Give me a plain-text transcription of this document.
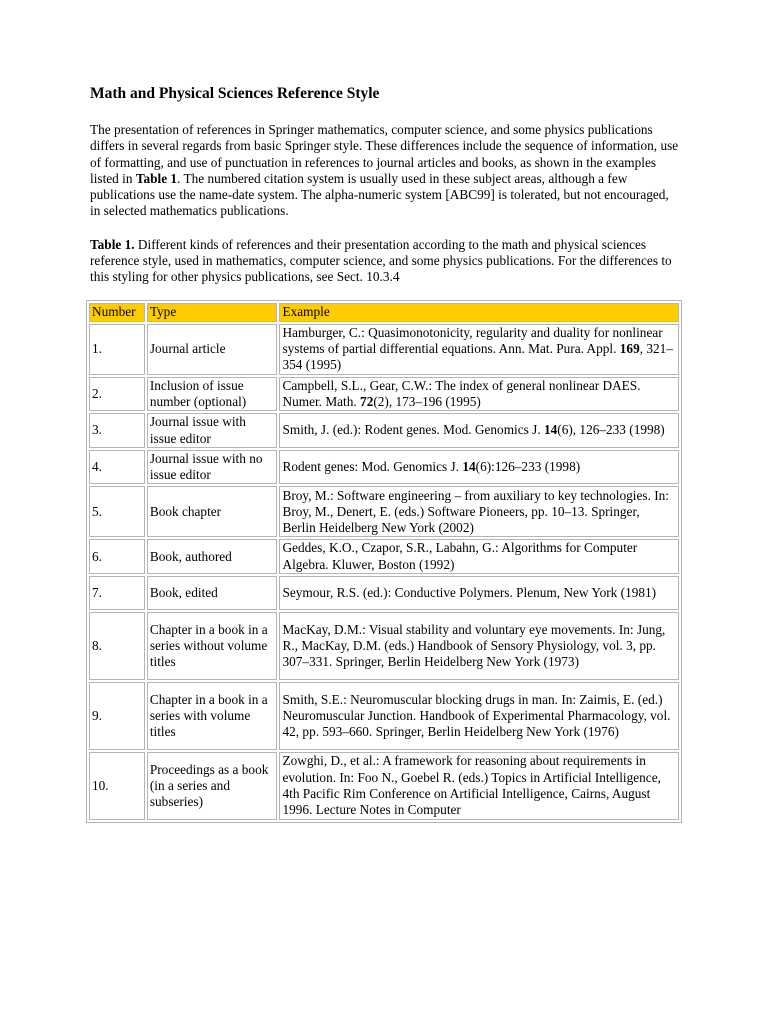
Math and Physical Sciences Reference Style

The presentation of references in Springer mathematics, computer science, and some physics publications differs in several regards from basic Springer style. These differences include the sequence of information, use of formatting, and use of punctuation in references to journal articles and books, as shown in the examples listed in Table 1. The numbered citation system is usually used in these subject areas, although a few publications use the name-date system. The alpha-numeric system [ABC99] is tolerated, but not encouraged, in selected mathematics publications.

Table 1. Different kinds of references and their presentation according to the math and physical sciences reference style, used in mathematics, computer science, and some physics publications. For the differences to this styling for other physics publications, see Sect. 10.3.4

Number	Type	Example
1.	Journal article	Hamburger, C.: Quasimonotonicity, regularity and duality for nonlinear systems of partial differential equations. Ann. Mat. Pura. Appl. 169, 321–354 (1995)
2.	Inclusion of issue number (optional)	Campbell, S.L., Gear, C.W.: The index of general nonlinear DAES. Numer. Math. 72(2), 173–196 (1995)
3.	Journal issue with issue editor	Smith, J. (ed.): Rodent genes. Mod. Genomics J. 14(6), 126–233 (1998)
4.	Journal issue with no issue editor	Rodent genes: Mod. Genomics J. 14(6):126–233 (1998)
5.	Book chapter	Broy, M.: Software engineering – from auxiliary to key technologies. In: Broy, M., Denert, E. (eds.) Software Pioneers, pp. 10–13. Springer, Berlin Heidelberg New York (2002)
6.	Book, authored	Geddes, K.O., Czapor, S.R., Labahn, G.: Algorithms for Computer Algebra. Kluwer, Boston (1992)
7.	Book, edited	Seymour, R.S. (ed.): Conductive Polymers. Plenum, New York (1981)
8.	Chapter in a book in a series without volume titles	MacKay, D.M.: Visual stability and voluntary eye movements. In: Jung, R., MacKay, D.M. (eds.) Handbook of Sensory Physiology, vol. 3, pp. 307–331. Springer, Berlin Heidelberg New York (1973)
9.	Chapter in a book in a series with volume titles	Smith, S.E.: Neuromuscular blocking drugs in man. In: Zaimis, E. (ed.) Neuromuscular Junction. Handbook of Experimental Pharmacology, vol. 42, pp. 593–660. Springer, Berlin Heidelberg New York (1976)
10.	Proceedings as a book (in a series and subseries)	Zowghi, D., et al.: A framework for reasoning about requirements in evolution. In: Foo N., Goebel R. (eds.) Topics in Artificial Intelligence, 4th Pacific Rim Conference on Artificial Intelligence, Cairns, August 1996. Lecture Notes in Computer
